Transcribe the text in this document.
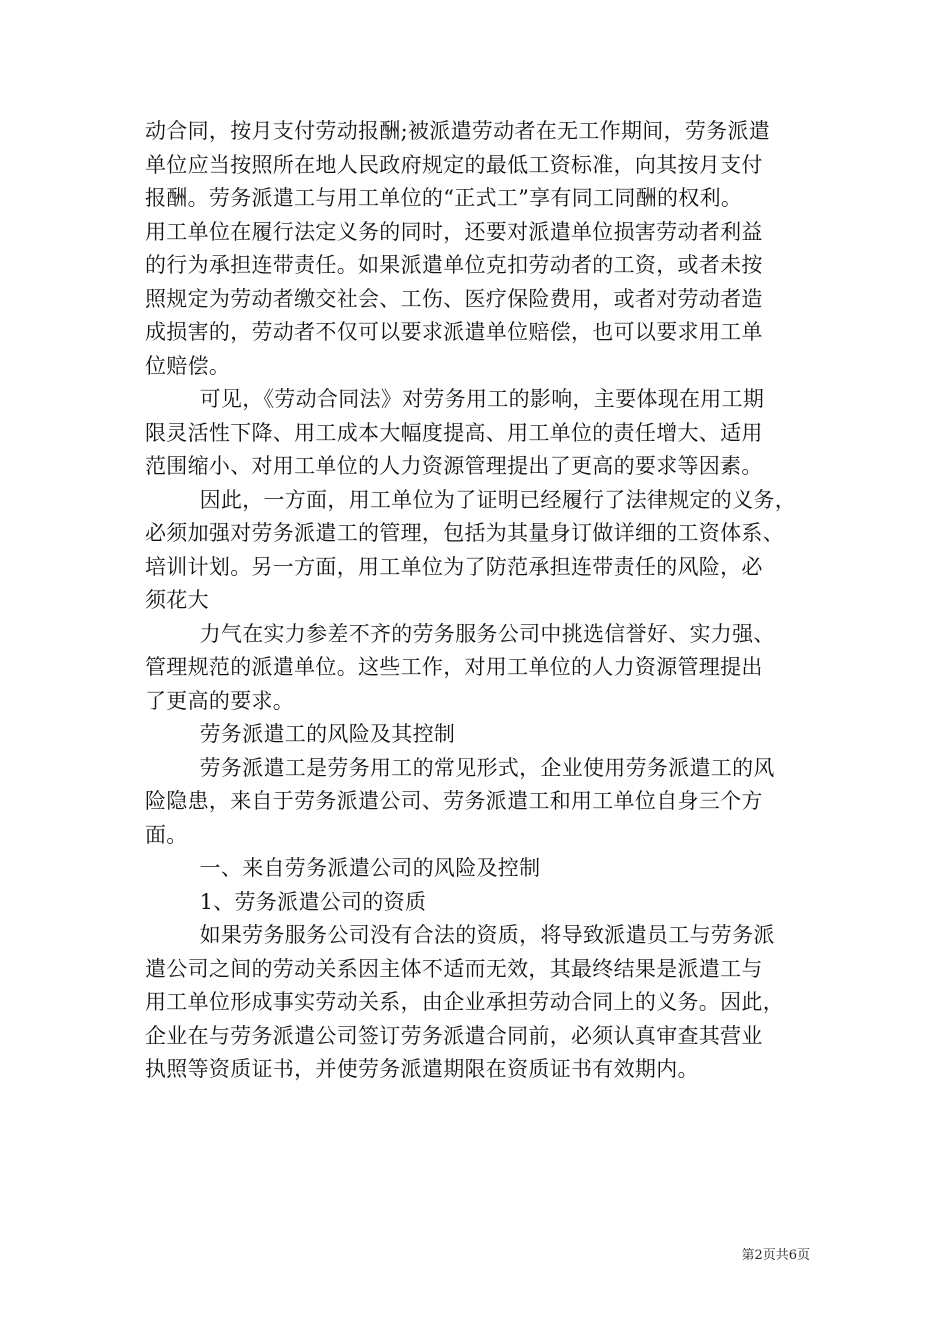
动合同，按月支付劳动报酬;被派遣劳动者在无工作期间，劳务派遣
单位应当按照所在地人民政府规定的最低工资标准，向其按月支付
报酬。劳务派遣工与用工单位的“正式工”享有同工同酬的权利。
用工单位在履行法定义务的同时，还要对派遣单位损害劳动者利益
的行为承担连带责任。如果派遣单位克扣劳动者的工资，或者未按
照规定为劳动者缴交社会、工伤、医疗保险费用，或者对劳动者造
成损害的，劳动者不仅可以要求派遣单位赔偿，也可以要求用工单
位赔偿。

可见，《劳动合同法》对劳务用工的影响，主要体现在用工期
限灵活性下降、用工成本大幅度提高、用工单位的责任增大、适用
范围缩小、对用工单位的人力资源管理提出了更高的要求等因素。

因此，一方面，用工单位为了证明已经履行了法律规定的义务，
必须加强对劳务派遣工的管理，包括为其量身订做详细的工资体系、
培训计划。另一方面，用工单位为了防范承担连带责任的风险，必
须花大

力气在实力参差不齐的劳务服务公司中挑选信誉好、实力强、
管理规范的派遣单位。这些工作，对用工单位的人力资源管理提出
了更高的要求。

劳务派遣工的风险及其控制

劳务派遣工是劳务用工的常见形式，企业使用劳务派遣工的风
险隐患，来自于劳务派遣公司、劳务派遣工和用工单位自身三个方
面。

一、来自劳务派遣公司的风险及控制

1、劳务派遣公司的资质

如果劳务服务公司没有合法的资质，将导致派遣员工与劳务派
遣公司之间的劳动关系因主体不适而无效，其最终结果是派遣工与
用工单位形成事实劳动关系，由企业承担劳动合同上的义务。因此，
企业在与劳务派遣公司签订劳务派遣合同前，必须认真审查其营业
执照等资质证书，并使劳务派遣期限在资质证书有效期内。

第2页共6页
